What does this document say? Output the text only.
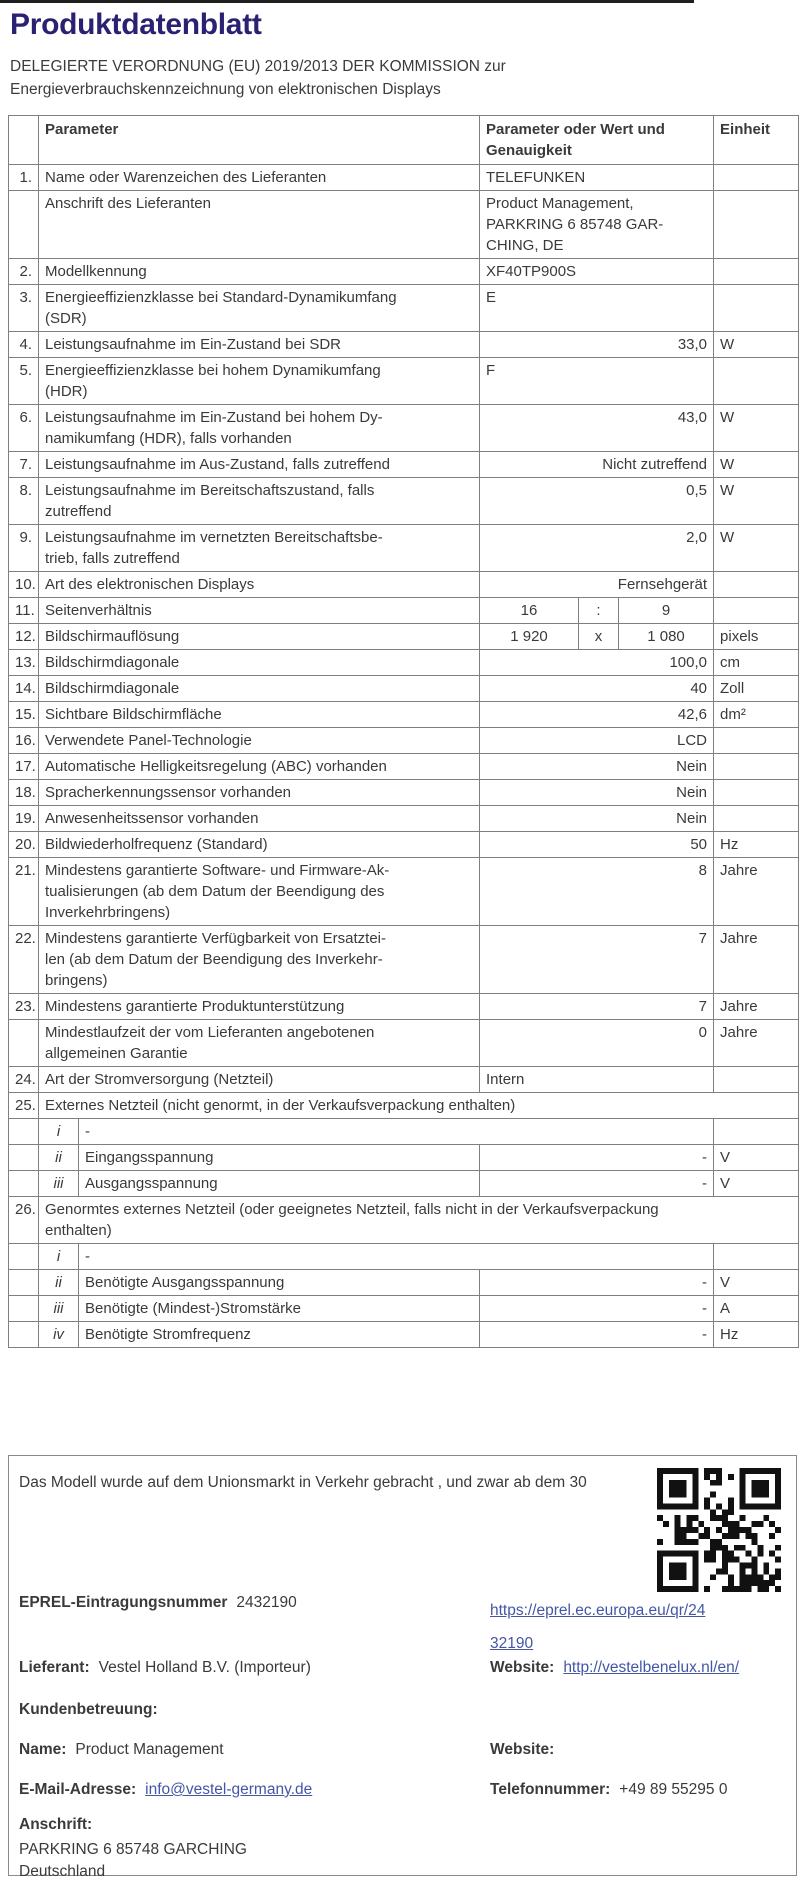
Produktdatenblatt

DELEGIERTE VERORDNUNG (EU) 2019/2013 DER KOMMISSION zur
Energieverbrauchskennzeichnung von elektronischen Displays

	Parameter		Parameter oder Wert und
Genauigkeit			Einheit
1.	Name oder Warenzeichen des Lieferanten		TELEFUNKEN			
	Anschrift des Lieferanten		Product Management, PARKRING 6 85748 GAR- CHING, DE			
2.	Modellkennung		XF40TP900S			
3.	Energieeffizienzklasse bei Standard-Dynamikumfang
(SDR)		E			
4.	Leistungsaufnahme im Ein-Zustand bei SDR		33,0			W
5.	Energieeffizienzklasse bei hohem Dynamikumfang
(HDR)		F			
6.	Leistungsaufnahme im Ein-Zustand bei hohem Dy-
namikumfang (HDR), falls vorhanden		43,0			W
7.	Leistungsaufnahme im Aus-Zustand, falls zutreffend		Nicht zutreffend			W
8.	Leistungsaufnahme im Bereitschaftszustand, falls
zutreffend		0,5			W
9.	Leistungsaufnahme im vernetzten Bereitschaftsbe-
trieb, falls zutreffend		2,0			W
10.	Art des elektronischen Displays		Fernsehgerät			
11.	Seitenverhältnis		16	:	9	
12.	Bildschirmauflösung		1 920	x	1 080	pixels
13.	Bildschirmdiagonale		100,0			cm
14.	Bildschirmdiagonale		40			Zoll
15.	Sichtbare Bildschirmfläche		42,6			dm²
16.	Verwendete Panel-Technologie		LCD			
17.	Automatische Helligkeitsregelung (ABC) vorhanden		Nein			
18.	Spracherkennungssensor vorhanden		Nein			
19.	Anwesenheitssensor vorhanden		Nein			
20.	Bildwiederholfrequenz (Standard)		50			Hz
21.	Mindestens garantierte Software- und Firmware-Ak-
tualisierungen (ab dem Datum der Beendigung des
Inverkehrbringens)		8			Jahre
22.	Mindestens garantierte Verfügbarkeit von Ersatztei-
len (ab dem Datum der Beendigung des Inverkehr-
bringens)		7			Jahre
23.	Mindestens garantierte Produktunterstützung		7			Jahre
	Mindestlaufzeit der vom Lieferanten angebotenen
allgemeinen Garantie		0			Jahre
24.	Art der Stromversorgung (Netzteil)		Intern			
25.	Externes Netzteil (nicht genormt, in der Verkaufsverpackung enthalten)					
	i	-				
	ii	Eingangsspannung	-			V
	iii	Ausgangsspannung	-			V
26.	Genormtes externes Netzteil (oder geeignetes Netzteil, falls nicht in der Verkaufsverpackung
enthalten)					
	i	-				
	ii	Benötigte Ausgangsspannung	-			V
	iii	Benötigte (Mindest-)Stromstärke	-			A
	iv	Benötigte Stromfrequenz	-			Hz
Das Modell wurde auf dem Unionsmarkt in Verkehr gebracht , und zwar ab dem 30
EPREL-Eintragungsnummer 2432190	https://eprel.ec.europa.eu/qr/24
32190
Lieferant: Vestel Holland B.V. (Importeur)	Website: http://vestelbenelux.nl/en/
Kundenbetreuung:
Name: Product Management	Website:
E-Mail-Adresse: info@vestel-germany.de	Telefonnummer: +49 89 55295 0
Anschrift:
PARKRING 6 85748 GARCHING
Deutschland
